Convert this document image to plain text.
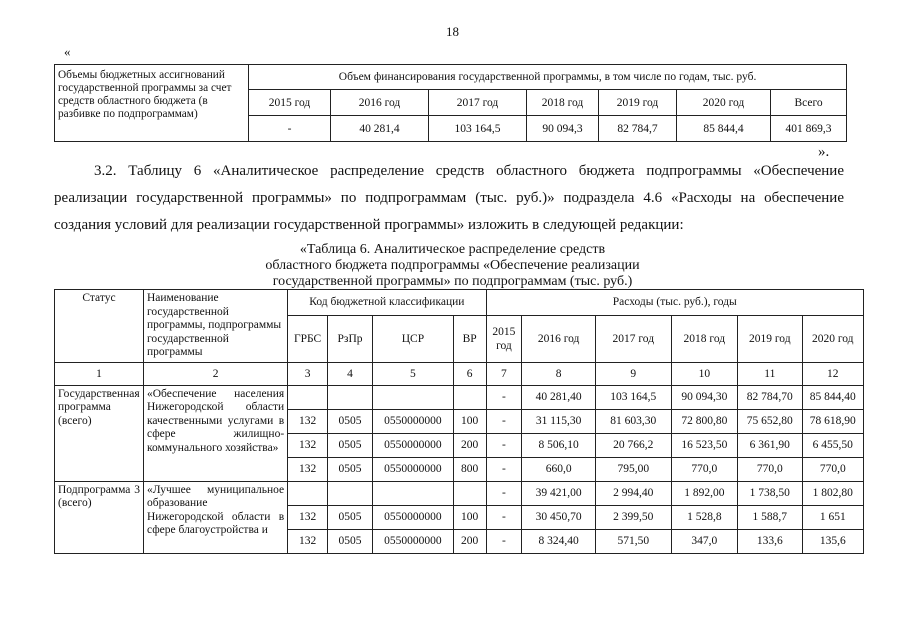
18
«
Объемы бюджетных ассигнований государственной программы за счет средств областного бюджета (в разбивке по подпрограммам)	Объем финансирования государственной программы, в том числе по годам, тыс. руб.						
	2015 год	2016 год	2017 год	2018 год	2019 год	2020 год	Всего
	-	40 281,4	103 164,5	90 094,3	82 784,7	85 844,4	401 869,3
».
3.2. Таблицу 6 «Аналитическое распределение средств областного бюджета подпрограммы «Обеспечение реализации государственной программы» по подпрограммам (тыс. руб.)» подраздела 4.6 «Расходы на обеспечение создания условий для реализации государственной программы» изложить в следующей редакции:
«Таблица 6. Аналитическое распределение средств
областного бюджета подпрограммы «Обеспечение реализации
государственной программы» по подпрограммам (тыс. руб.)
Статус	Наименование государственной программы, подпрограммы государственной программы	Код бюджетной классификации				Расходы (тыс. руб.), годы					
		ГРБС	РзПр	ЦСР	ВР	2015 год	2016 год	2017 год	2018 год	2019 год	2020 год
1	2	3	4	5	6	7	8	9	10	11	12
Государственная программа (всего)	«Обеспечение населения Нижегородской области качественными услугами в сфере жилищно-коммунального хозяйства»					-	40 281,40	103 164,5	90 094,30	82 784,70	85 844,40
		132	0505	0550000000	100	-	31 115,30	81 603,30	72 800,80	75 652,80	78 618,90
		132	0505	0550000000	200	-	8 506,10	20 766,2	16 523,50	6 361,90	6 455,50
		132	0505	0550000000	800	-	660,0	795,00	770,0	770,0	770,0
Подпрограмма 3 (всего)	«Лучшее муниципальное образование Нижегородской области в сфере благоустройства и					-	39 421,00	2 994,40	1 892,00	1 738,50	1 802,80
		132	0505	0550000000	100	-	30 450,70	2 399,50	1 528,8	1 588,7	1 651
		132	0505	0550000000	200	-	8 324,40	571,50	347,0	133,6	135,6
